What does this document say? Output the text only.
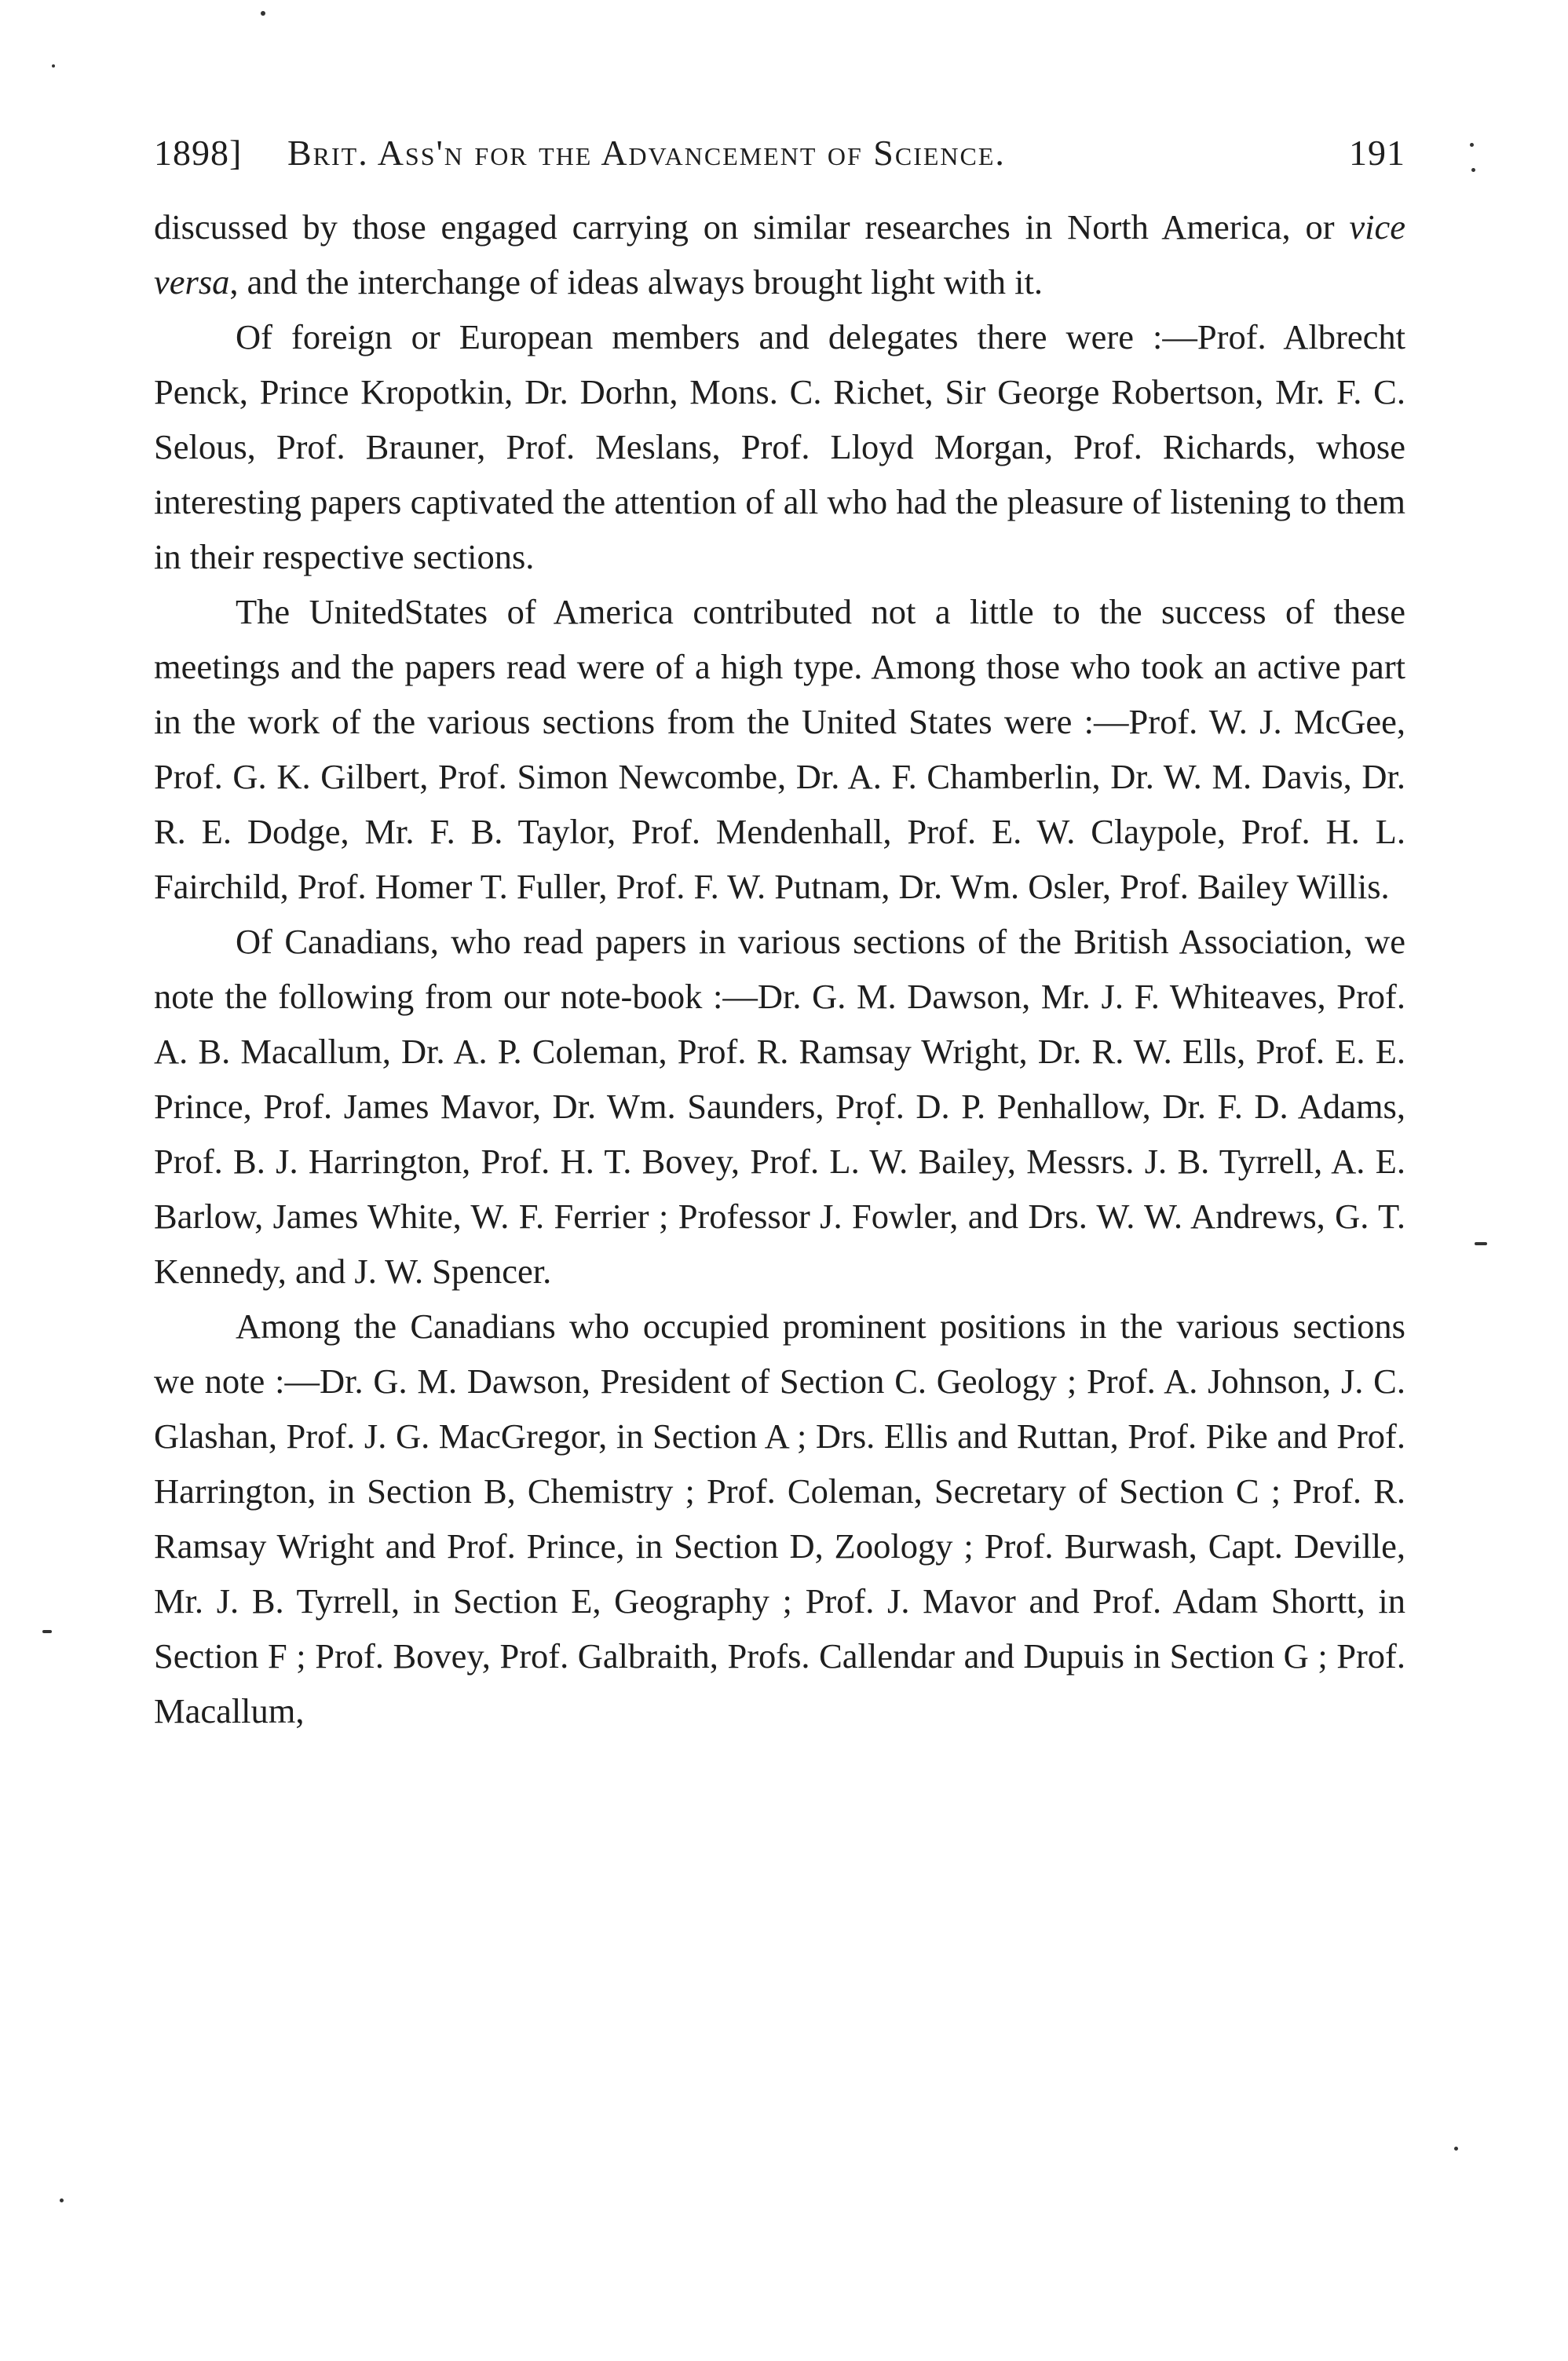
1898] Brit. Ass'n for the Advancement of Science.	191

discussed by those engaged carrying on similar researches in North America, or vice versa, and the interchange of ideas always brought light with it.

Of foreign or European members and delegates there were :—Prof. Albrecht Penck, Prince Kropotkin, Dr. Dorhn, Mons. C. Richet, Sir George Robertson, Mr. F. C. Selous, Prof. Brauner, Prof. Meslans, Prof. Lloyd Morgan, Prof. Richards, whose interesting papers captivated the attention of all who had the pleasure of listening to them in their respective sections.

The UnitedStates of America contributed not a little to the success of these meetings and the papers read were of a high type. Among those who took an active part in the work of the various sections from the United States were :—Prof. W. J. McGee, Prof. G. K. Gilbert, Prof. Simon Newcombe, Dr. A. F. Chamberlin, Dr. W. M. Davis, Dr. R. E. Dodge, Mr. F. B. Taylor, Prof. Mendenhall, Prof. E. W. Claypole, Prof. H. L. Fairchild, Prof. Homer T. Fuller, Prof. F. W. Putnam, Dr. Wm. Osler, Prof. Bailey Willis.

Of Canadians, who read papers in various sections of the British Association, we note the following from our note-book :—Dr. G. M. Dawson, Mr. J. F. Whiteaves, Prof. A. B. Macallum, Dr. A. P. Coleman, Prof. R. Ramsay Wright, Dr. R. W. Ells, Prof. E. E. Prince, Prof. James Mavor, Dr. Wm. Saunders, Prof. D. P. Penhallow, Dr. F. D. Adams, Prof. B. J. Harrington, Prof. H. T. Bovey, Prof. L. W. Bailey, Messrs. J. B. Tyrrell, A. E. Barlow, James White, W. F. Ferrier ; Professor J. Fowler, and Drs. W. W. Andrews, G. T. Kennedy, and J. W. Spencer.

Among the Canadians who occupied prominent positions in the various sections we note :—Dr. G. M. Dawson, President of Section C. Geology ; Prof. A. Johnson, J. C. Glashan, Prof. J. G. MacGregor, in Section A ; Drs. Ellis and Ruttan, Prof. Pike and Prof. Harrington, in Section B, Chemistry ; Prof. Coleman, Secretary of Section C ; Prof. R. Ramsay Wright and Prof. Prince, in Section D, Zoology ; Prof. Burwash, Capt. Deville, Mr. J. B. Tyrrell, in Section E, Geography ; Prof. J. Mavor and Prof. Adam Shortt, in Section F ; Prof. Bovey, Prof. Galbraith, Profs. Callendar and Dupuis in Section G ; Prof. Macallum,
